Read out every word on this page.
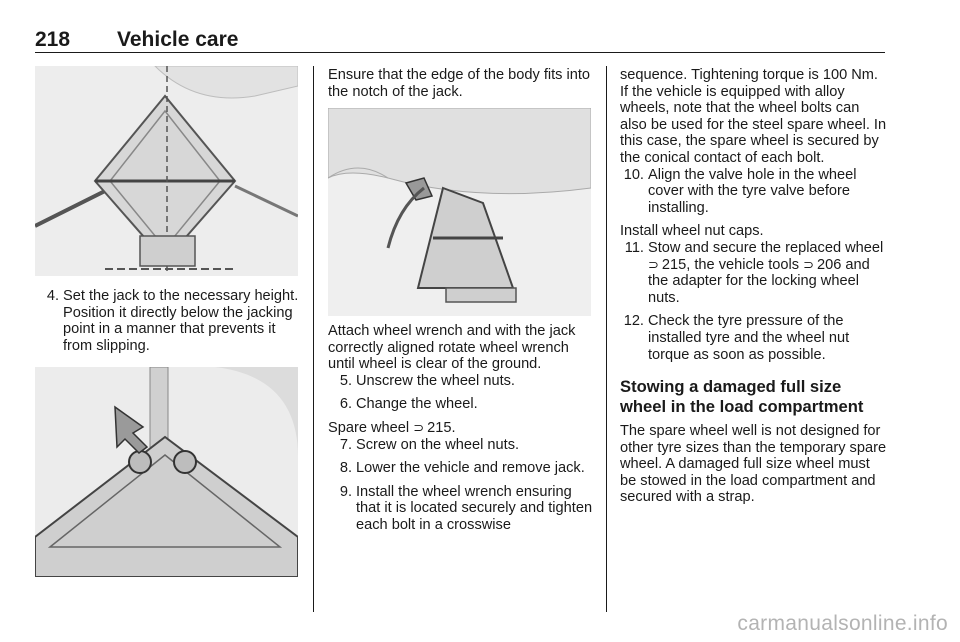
218 Vehicle care
4. Set the jack to the necessary height. Position it directly below the jacking point in a manner that prevents it from slipping.

Ensure that the edge of the body fits into the notch of the jack.

Attach wheel wrench and with the jack correctly aligned rotate wheel wrench until wheel is clear of the ground.

5. Unscrew the wheel nuts.
6. Change the wheel.

Spare wheel ⊃ 215.

7. Screw on the wheel nuts.
8. Lower the vehicle and remove jack.
9. Install the wheel wrench ensuring that it is located securely and tighten each bolt in a crosswise

sequence. Tightening torque is 100 Nm.

If the vehicle is equipped with alloy wheels, note that the wheel bolts can also be used for the steel spare wheel. In this case, the spare wheel is secured by the conical contact of each bolt.

10. Align the valve hole in the wheel cover with the tyre valve before installing.

Install wheel nut caps.

11. Stow and secure the replaced wheel ⊃ 215, the vehicle tools ⊃ 206 and the adapter for the locking wheel nuts.
12. Check the tyre pressure of the installed tyre and the wheel nut torque as soon as possible.
Stowing a damaged full size wheel in the load compartment

The spare wheel well is not designed for other tyre sizes than the temporary spare wheel. A damaged full size wheel must be stowed in the load compartment and secured with a strap.

carmanualsonline.info
